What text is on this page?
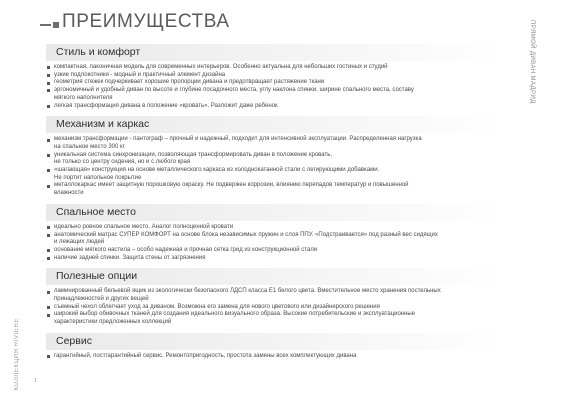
ПРЕИМУЩЕСТВА	ПРЯМОЙ ДИВАН МАДРИД
КОЛЛЕКЦИЯ RIVIERE	1
Стиль и комфорт
компактная, лаконичная модель для современных интерьеров. Особенно актуальна для небольших гостиных и студий
узкие подлокотники - модный и практичный элемент дизайна
геометрия стежек подчеркивает хорошие пропорции дивана и предотвращает растяжение ткани
эргономичный и удобный диван по высоте и глубине посадочного места, углу наклона спинки, ширине спального места, составу
мягкого наполнителя
легкая трансформация дивана в положение «кровать». Разложит даже ребенок
Механизм и каркас
механизм трансформации - пантограф – прочный и надежный, подходит для интенсивной эксплуатации. Распределенная нагрузка
на спальное место 300 кг
уникальная система синхронизации, позволяющая трансформировать диван в положение кровать,
не только со центру сидения, но и с любого края
«шагающая» конструкция на основе металлического каркаса из холоднокатанной стали с легирующими добавками.
Не портит напольное покрытие
металлокаркас имеет защитную порошковую окраску. Не подвержен коррозии, влиянию перепадов температур и повышенной
влажности
Спальное место
идеально ровное спальное место. Аналог полноценной кровати
анатомический матрас СУПЕР КОМФОРТ на основе блока независимых пружин и слоя ППУ. «Подстраивается» под разный вес сидящих
и лежащих людей
основание мягкого настила – особо надежная и прочная сетка грид из конструкционной стали
наличие задней спинки. Защита стены от загрязнения
Полезные опции
ламинированный бельевой ящик из экологически безопасного ЛДСП класса Е1 белого цвета. Вместительное место хранения постельных
принадлежностей и других вещей
съемный чехол облегчает уход за диваном. Возможна его замена для нового цветового или дизайнерского решения
широкий выбор обивочных тканей для создания идеального визуального образа. Высокие потребительские и эксплуатационные
характеристики предложенных коллекций
Сервис
гарантийный, постгарантийный сервис. Ремонтопригодность, простота замены всех комплектующих дивана
